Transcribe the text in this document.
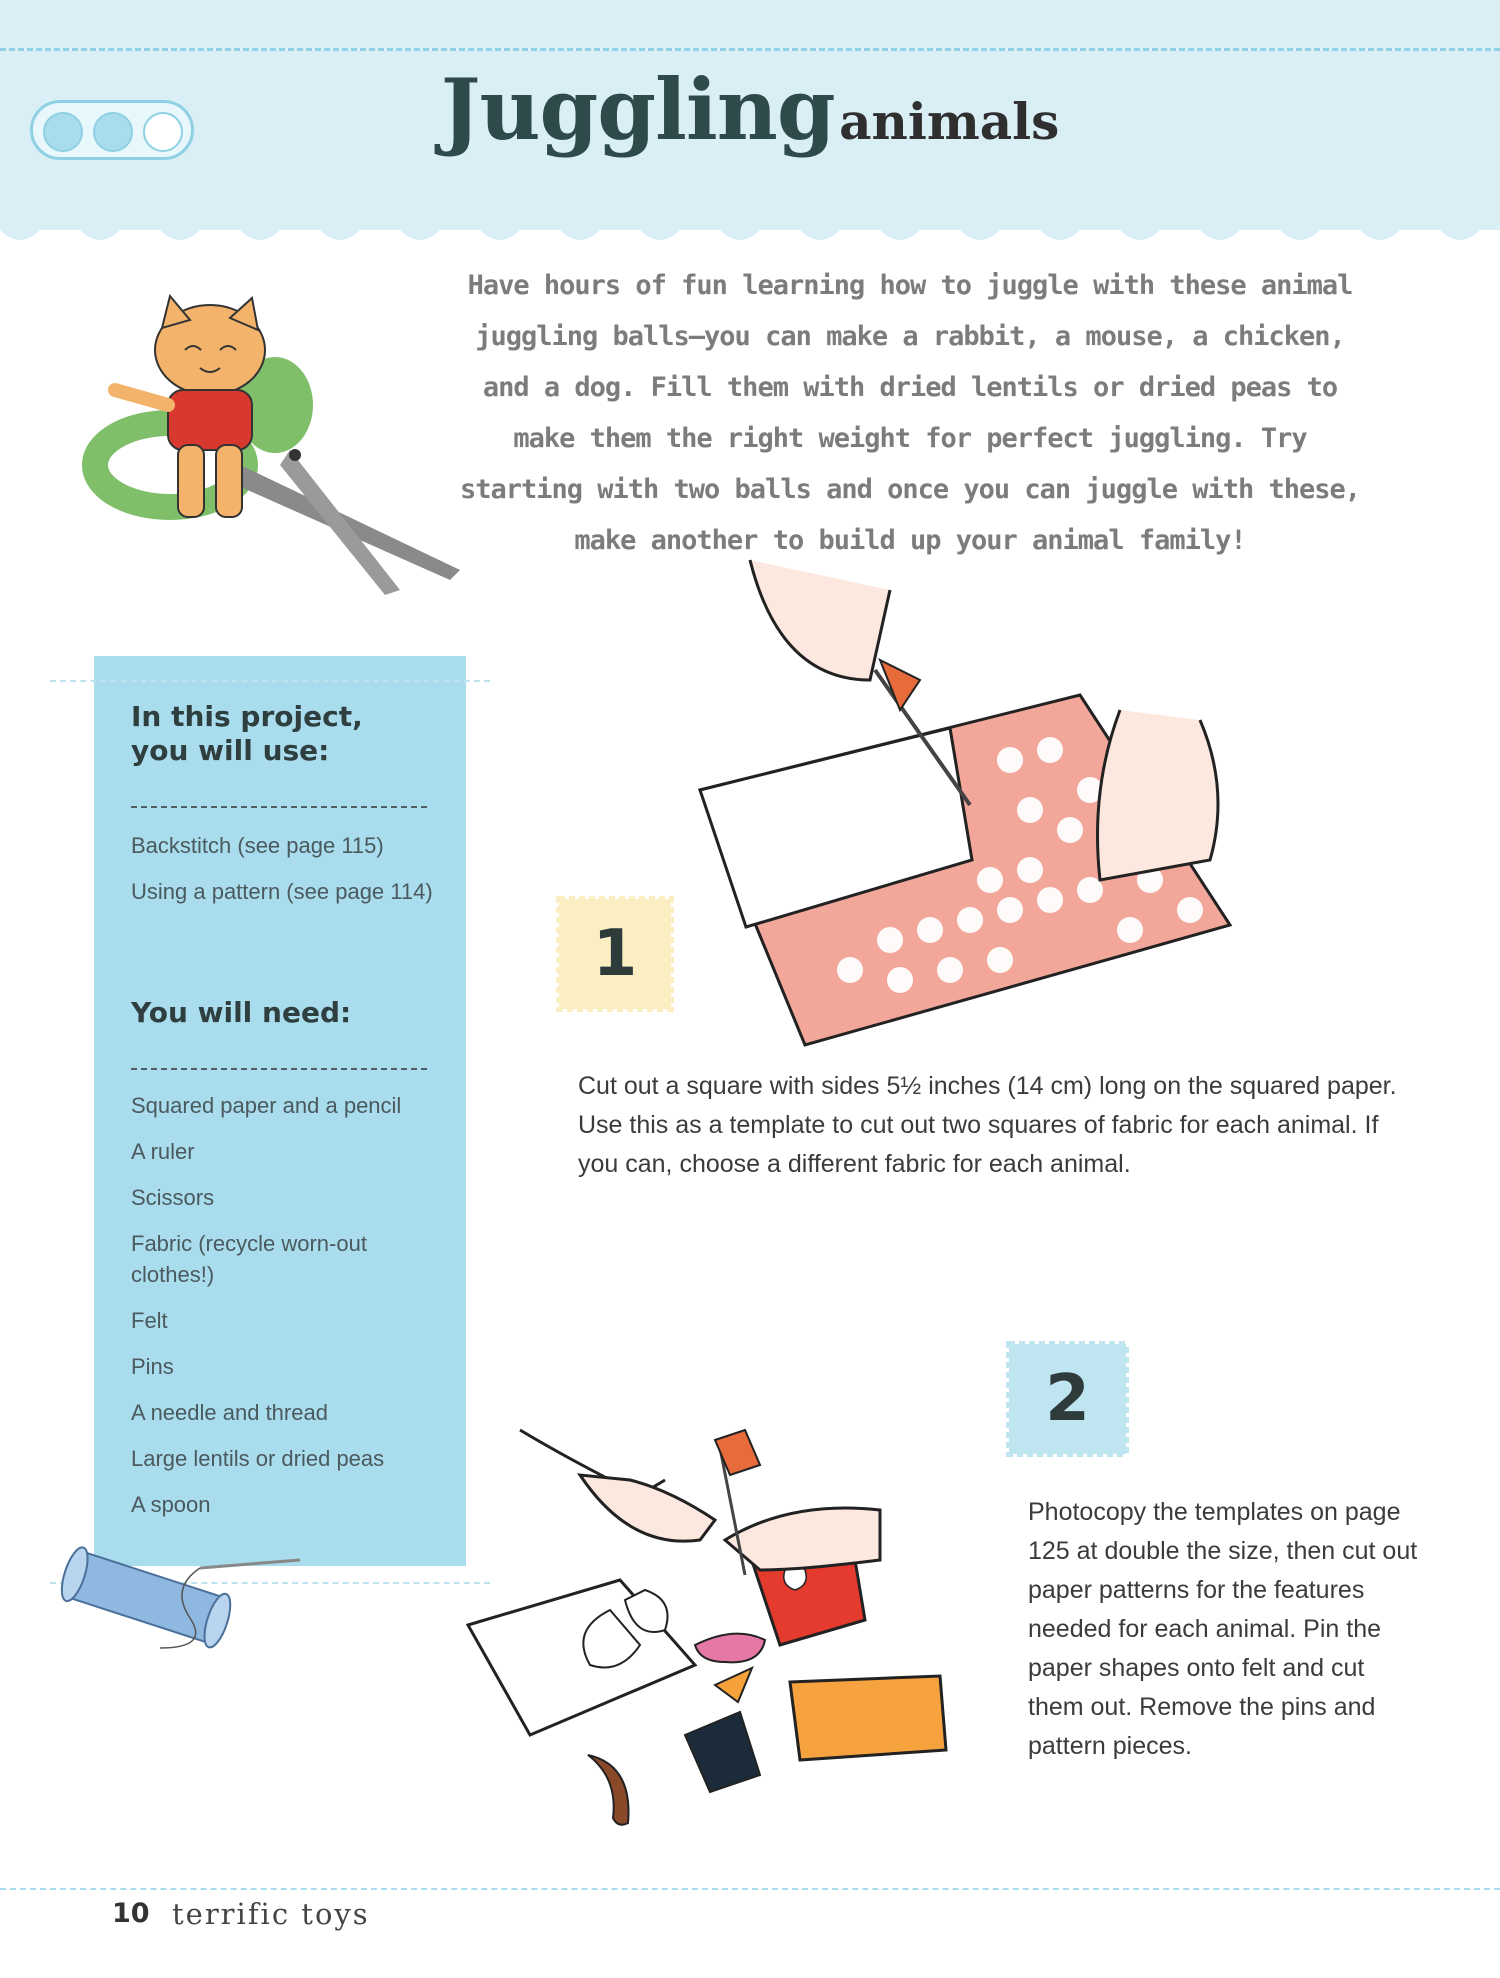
Juggling animals
Have hours of fun learning how to juggle with these animal juggling balls—you can make a rabbit, a mouse, a chicken, and a dog. Fill them with dried lentils or dried peas to make them the right weight for perfect juggling. Try starting with two balls and once you can juggle with these, make another to build up your animal family!
In this project, you will use:
Backstitch (see page 115)
Using a pattern (see page 114)
You will need:
Squared paper and a pencil
A ruler
Scissors
Fabric (recycle worn-out clothes!)
Felt
Pins
A needle and thread
Large lentils or dried peas
A spoon
1
Cut out a square with sides 5½ inches (14 cm) long on the squared paper. Use this as a template to cut out two squares of fabric for each animal. If you can, choose a different fabric for each animal.
2
Photocopy the templates on page 125 at double the size, then cut out paper patterns for the features needed for each animal. Pin the paper shapes onto felt and cut them out. Remove the pins and pattern pieces.
10 terrific toys
